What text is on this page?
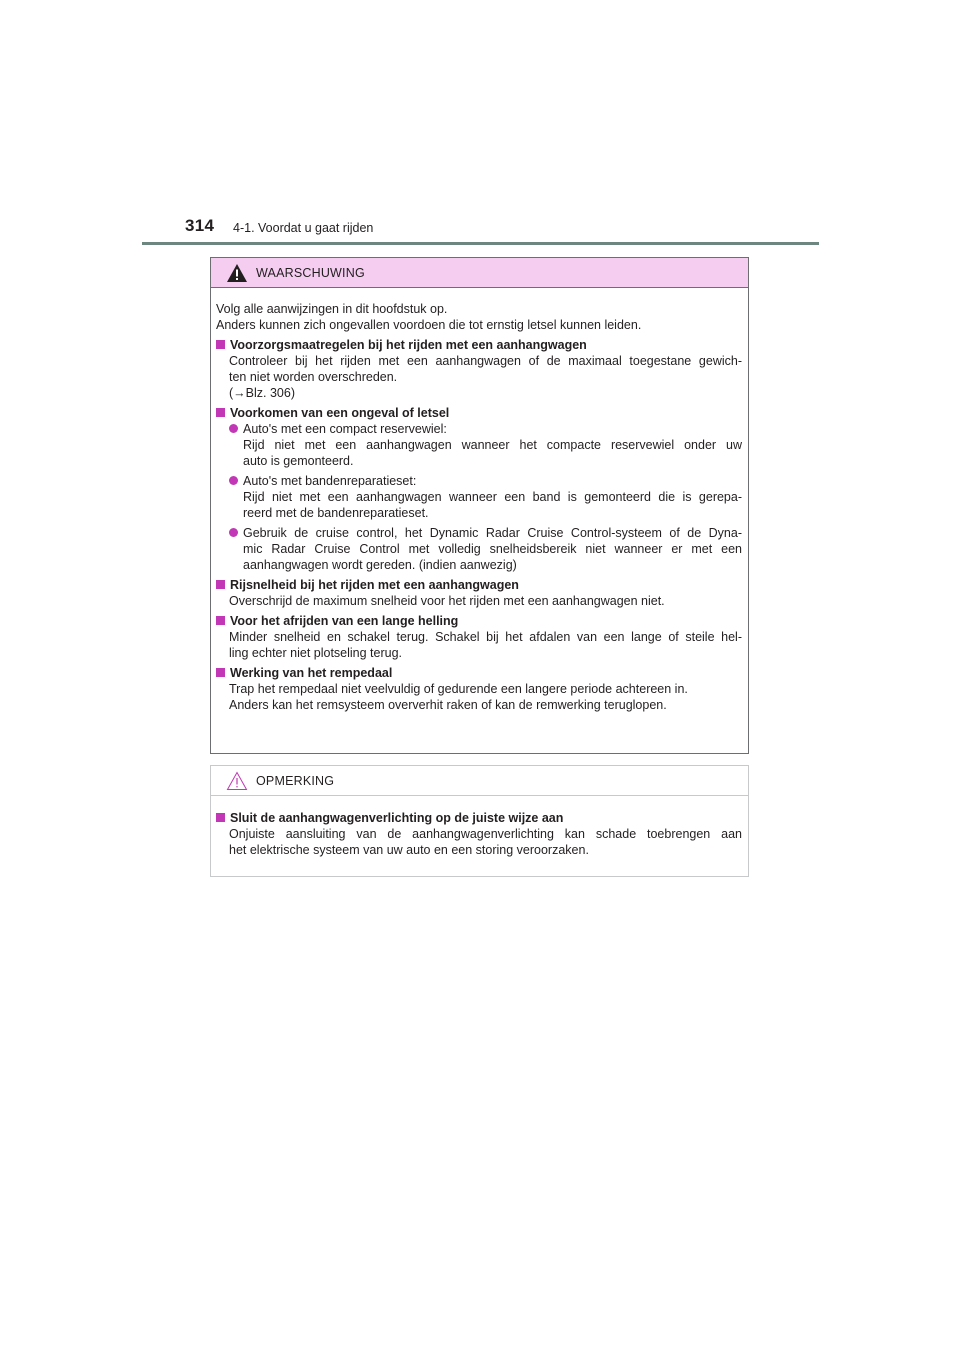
314 4-1. Voordat u gaat rijden
WAARSCHUWING
Volg alle aanwijzingen in dit hoofdstuk op.
Anders kunnen zich ongevallen voordoen die tot ernstig letsel kunnen leiden.
Voorzorgsmaatregelen bij het rijden met een aanhangwagen
Controleer bij het rijden met een aanhangwagen of de maximaal toegestane gewich-
ten niet worden overschreden.
(→Blz. 306)
Voorkomen van een ongeval of letsel
Auto's met een compact reservewiel:
Rijd niet met een aanhangwagen wanneer het compacte reservewiel onder uw
auto is gemonteerd.
Auto's met bandenreparatieset:
Rijd niet met een aanhangwagen wanneer een band is gemonteerd die is gerepa-
reerd met de bandenreparatieset.
Gebruik de cruise control, het Dynamic Radar Cruise Control-systeem of de Dyna-
mic Radar Cruise Control met volledig snelheidsbereik niet wanneer er met een
aanhangwagen wordt gereden. (indien aanwezig)
Rijsnelheid bij het rijden met een aanhangwagen
Overschrijd de maximum snelheid voor het rijden met een aanhangwagen niet.
Voor het afrijden van een lange helling
Minder snelheid en schakel terug. Schakel bij het afdalen van een lange of steile hel-
ling echter niet plotseling terug.
Werking van het rempedaal
Trap het rempedaal niet veelvuldig of gedurende een langere periode achtereen in.
Anders kan het remsysteem oververhit raken of kan de remwerking teruglopen.
OPMERKING
Sluit de aanhangwagenverlichting op de juiste wijze aan
Onjuiste aansluiting van de aanhangwagenverlichting kan schade toebrengen aan
het elektrische systeem van uw auto en een storing veroorzaken.
